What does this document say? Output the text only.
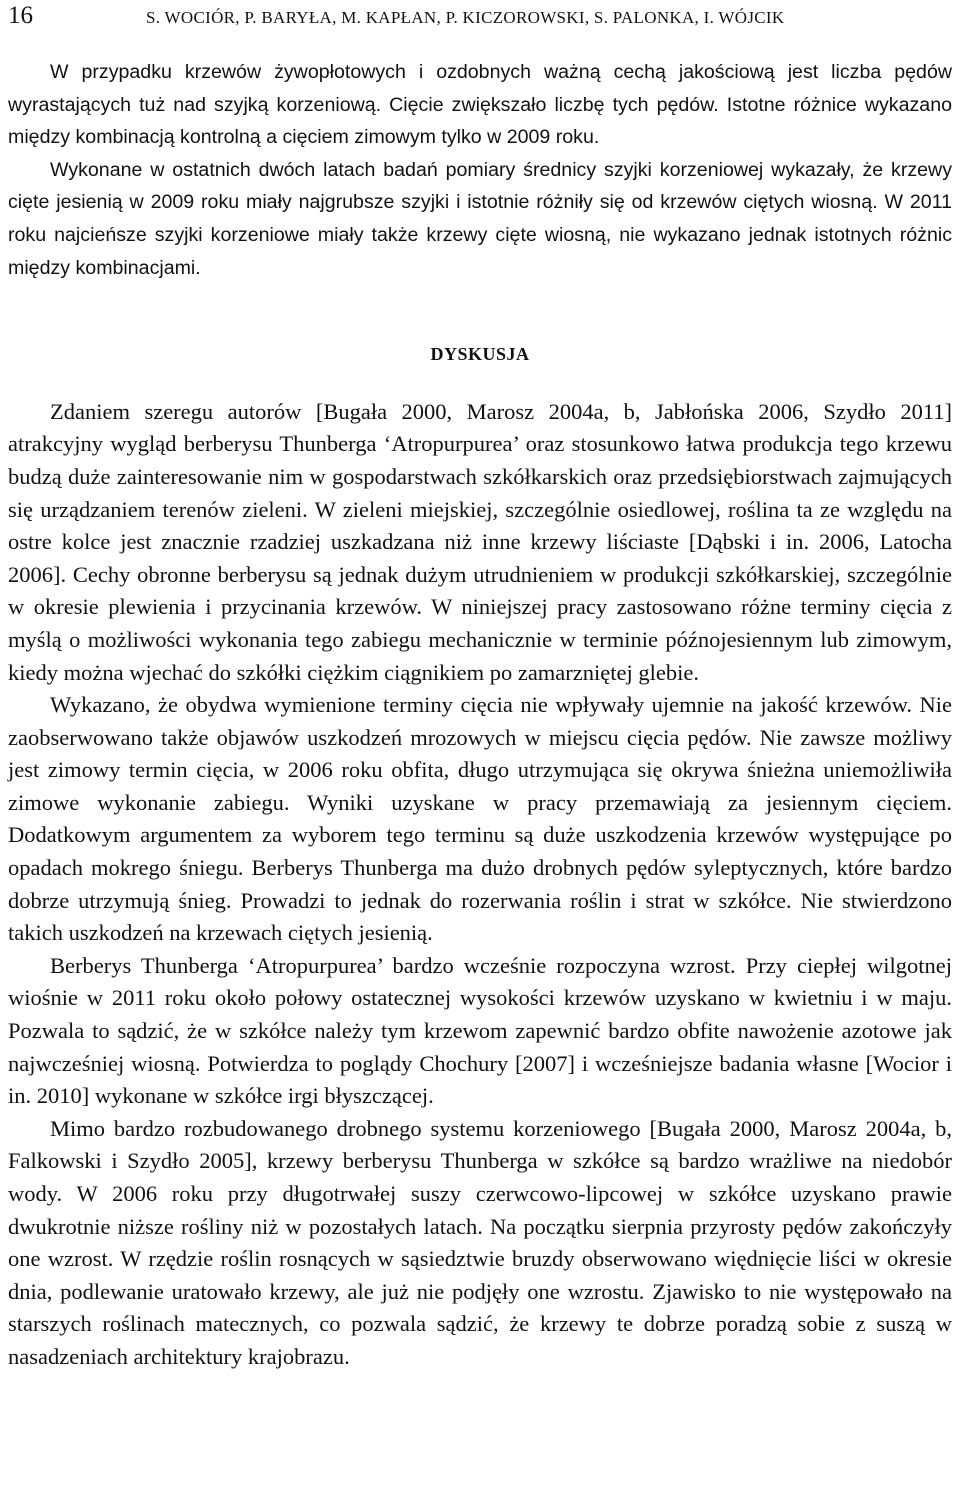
16	S. WOCIÓR, P. BARYŁA, M. KAPŁAN, P. KICZOROWSKI, S. PALONKA, I. WÓJCIK

W przypadku krzewów żywopłotowych i ozdobnych ważną cechą jakościową jest liczba pędów wyrastających tuż nad szyjką korzeniową. Cięcie zwiększało liczbę tych pędów. Istotne różnice wykazano między kombinacją kontrolną a cięciem zimowym tylko w 2009 roku.

Wykonane w ostatnich dwóch latach badań pomiary średnicy szyjki korzeniowej wykazały, że krzewy cięte jesienią w 2009 roku miały najgrubsze szyjki i istotnie różniły się od krzewów ciętych wiosną. W 2011 roku najcieńsze szyjki korzeniowe miały także krzewy cięte wiosną, nie wykazano jednak istotnych różnic między kombinacjami.

DYSKUSJA

Zdaniem szeregu autorów [Bugała 2000, Marosz 2004a, b, Jabłońska 2006, Szydło 2011] atrakcyjny wygląd berberysu Thunberga ‘Atropurpurea’ oraz stosunkowo łatwa produkcja tego krzewu budzą duże zainteresowanie nim w gospodarstwach szkółkarskich oraz przedsiębiorstwach zajmujących się urządzaniem terenów zieleni. W zieleni miejskiej, szczególnie osiedlowej, roślina ta ze względu na ostre kolce jest znacznie rzadziej uszkadzana niż inne krzewy liściaste [Dąbski i in. 2006, Latocha 2006]. Cechy obronne berberysu są jednak dużym utrudnieniem w produkcji szkółkarskiej, szczególnie w okresie plewienia i przycinania krzewów. W niniejszej pracy zastosowano różne terminy cięcia z myślą o możliwości wykonania tego zabiegu mechanicznie w terminie późnojesiennym lub zimowym, kiedy można wjechać do szkółki ciężkim ciągnikiem po zamarzniętej glebie.

Wykazano, że obydwa wymienione terminy cięcia nie wpływały ujemnie na jakość krzewów. Nie zaobserwowano także objawów uszkodzeń mrozowych w miejscu cięcia pędów. Nie zawsze możliwy jest zimowy termin cięcia, w 2006 roku obfita, długo utrzymująca się okrywa śnieżna uniemożliwiła zimowe wykonanie zabiegu. Wyniki uzyskane w pracy przemawiają za jesiennym cięciem. Dodatkowym argumentem za wyborem tego terminu są duże uszkodzenia krzewów występujące po opadach mokrego śniegu. Berberys Thunberga ma dużo drobnych pędów syleptycznych, które bardzo dobrze utrzymują śnieg. Prowadzi to jednak do rozerwania roślin i strat w szkółce. Nie stwierdzono takich uszkodzeń na krzewach ciętych jesienią.

Berberys Thunberga ‘Atropurpurea’ bardzo wcześnie rozpoczyna wzrost. Przy ciepłej wilgotnej wiośnie w 2011 roku około połowy ostatecznej wysokości krzewów uzyskano w kwietniu i w maju. Pozwala to sądzić, że w szkółce należy tym krzewom zapewnić bardzo obfite nawożenie azotowe jak najwcześniej wiosną. Potwierdza to poglądy Chochury [2007] i wcześniejsze badania własne [Wocior i in. 2010] wykonane w szkółce irgi błyszczącej.

Mimo bardzo rozbudowanego drobnego systemu korzeniowego [Bugała 2000, Marosz 2004a, b, Falkowski i Szydło 2005], krzewy berberysu Thunberga w szkółce są bardzo wrażliwe na niedobór wody. W 2006 roku przy długotrwałej suszy czerwcowo-lipcowej w szkółce uzyskano prawie dwukrotnie niższe rośliny niż w pozostałych latach. Na początku sierpnia przyrosty pędów zakończyły one wzrost. W rzędzie roślin rosnących w sąsiedztwie bruzdy obserwowano więdnięcie liści w okresie dnia, podlewanie uratowało krzewy, ale już nie podjęły one wzrostu. Zjawisko to nie występowało na starszych roślinach matecznych, co pozwala sądzić, że krzewy te dobrze poradzą sobie z suszą w nasadzeniach architektury krajobrazu.
